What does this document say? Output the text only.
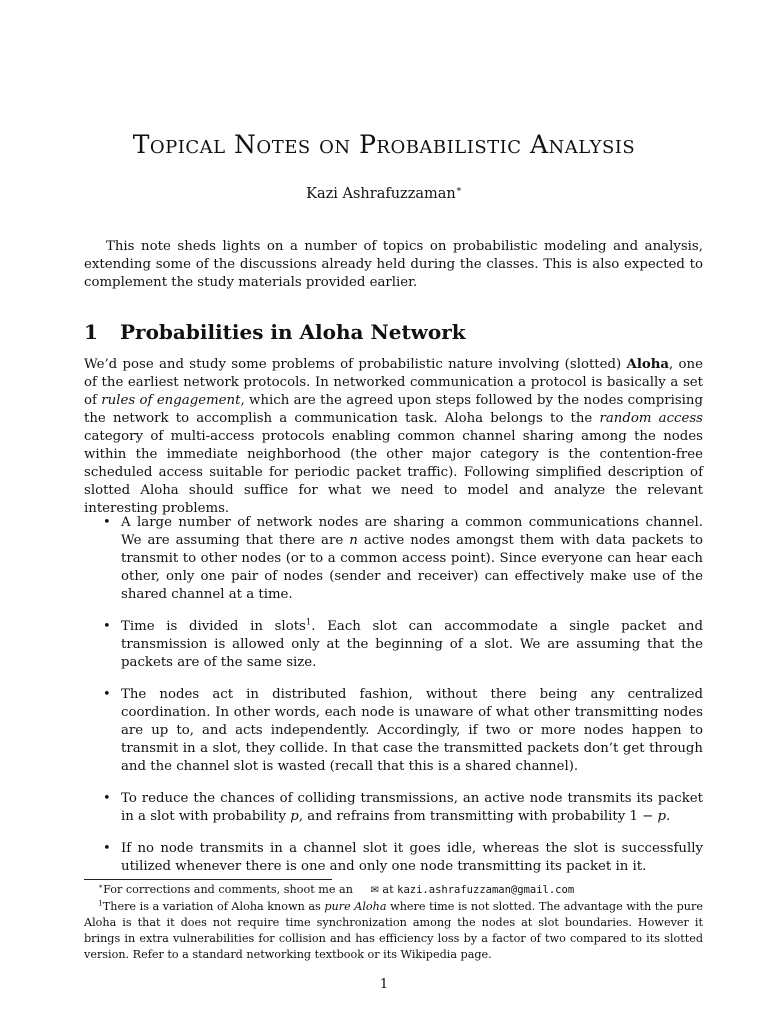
Topical Notes on Probabilistic Analysis
Kazi Ashrafuzzaman∗

This note sheds lights on a number of topics on probabilistic modeling and analysis, extending some of the discussions already held during the classes. This is also expected to complement the study materials provided earlier.

1 Probabilities in Aloha Network

We’d pose and study some problems of probabilistic nature involving (slotted) Aloha, one of the earliest network protocols. In networked communication a protocol is basically a set of rules of engagement, which are the agreed upon steps followed by the nodes comprising the network to accomplish a communication task. Aloha belongs to the random access category of multi-access protocols enabling common channel sharing among the nodes within the immediate neighborhood (the other major category is the contention-free scheduled access suitable for periodic packet traffic). Following simplified description of slotted Aloha should suffice for what we need to model and analyze the relevant interesting problems.

• A large number of network nodes are sharing a common communications channel. We are assuming that there are n active nodes amongst them with data packets to transmit to other nodes (or to a common access point). Since everyone can hear each other, only one pair of nodes (sender and receiver) can effectively make use of the shared channel at a time.
• Time is divided in slots$^1$. Each slot can accommodate a single packet and transmission is allowed only at the beginning of a slot. We are assuming that the packets are of the same size.
• The nodes act in distributed fashion, without there being any centralized coordination. In other words, each node is unaware of what other transmitting nodes are up to, and acts independently. Accordingly, if two or more nodes happen to transmit in a slot, they collide. In that case the transmitted packets don’t get through and the channel slot is wasted (recall that this is a shared channel).
• To reduce the chances of colliding transmissions, an active node transmits its packet in a slot with probability p, and refrains from transmitting with probability 1 − p.
• If no node transmits in a channel slot it goes idle, whereas the slot is successfully utilized whenever there is one and only one node transmitting its packet in it.

∗For corrections and comments, shoot me an ✉ at kazi.ashrafuzzaman@gmail.com

$^1$There is a variation of Aloha known as pure Aloha where time is not slotted. The advantage with the pure Aloha is that it does not require time synchronization among the nodes at slot boundaries. However it brings in extra vulnerabilities for collision and has efficiency loss by a factor of two compared to its slotted version. Refer to a standard networking textbook or its Wikipedia page.

1
